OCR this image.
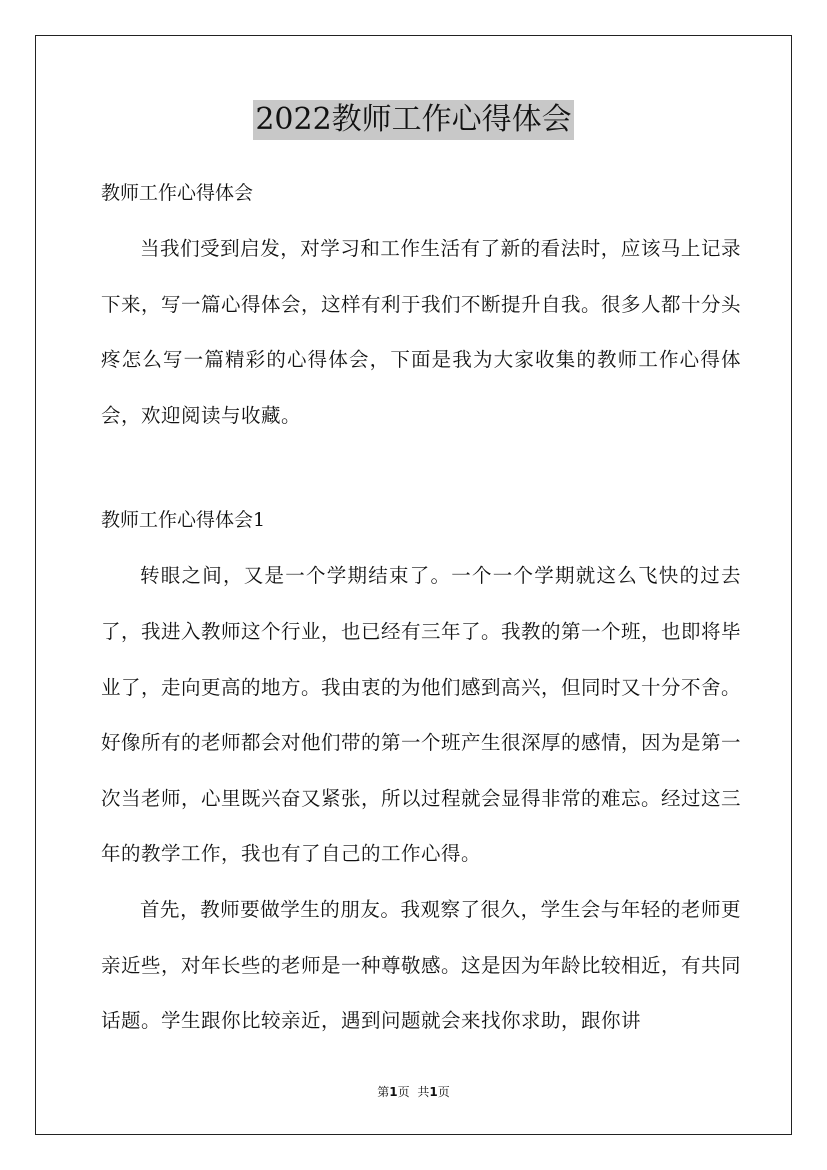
2022教师工作心得体会

教师工作心得体会

当我们受到启发，对学习和工作生活有了新的看法时，应该马上记录下来，写一篇心得体会，这样有利于我们不断提升自我。很多人都十分头疼怎么写一篇精彩的心得体会，下面是我为大家收集的教师工作心得体会，欢迎阅读与收藏。

教师工作心得体会1

转眼之间，又是一个学期结束了。一个一个学期就这么飞快的过去了，我进入教师这个行业，也已经有三年了。我教的第一个班，也即将毕业了，走向更高的地方。我由衷的为他们感到高兴，但同时又十分不舍。好像所有的老师都会对他们带的第一个班产生很深厚的感情，因为是第一次当老师，心里既兴奋又紧张，所以过程就会显得非常的难忘。经过这三年的教学工作，我也有了自己的工作心得。

首先，教师要做学生的朋友。我观察了很久，学生会与年轻的老师更亲近些，对年长些的老师是一种尊敬感。这是因为年龄比较相近，有共同话题。学生跟你比较亲近，遇到问题就会来找你求助，跟你讲

第1页 共1页
